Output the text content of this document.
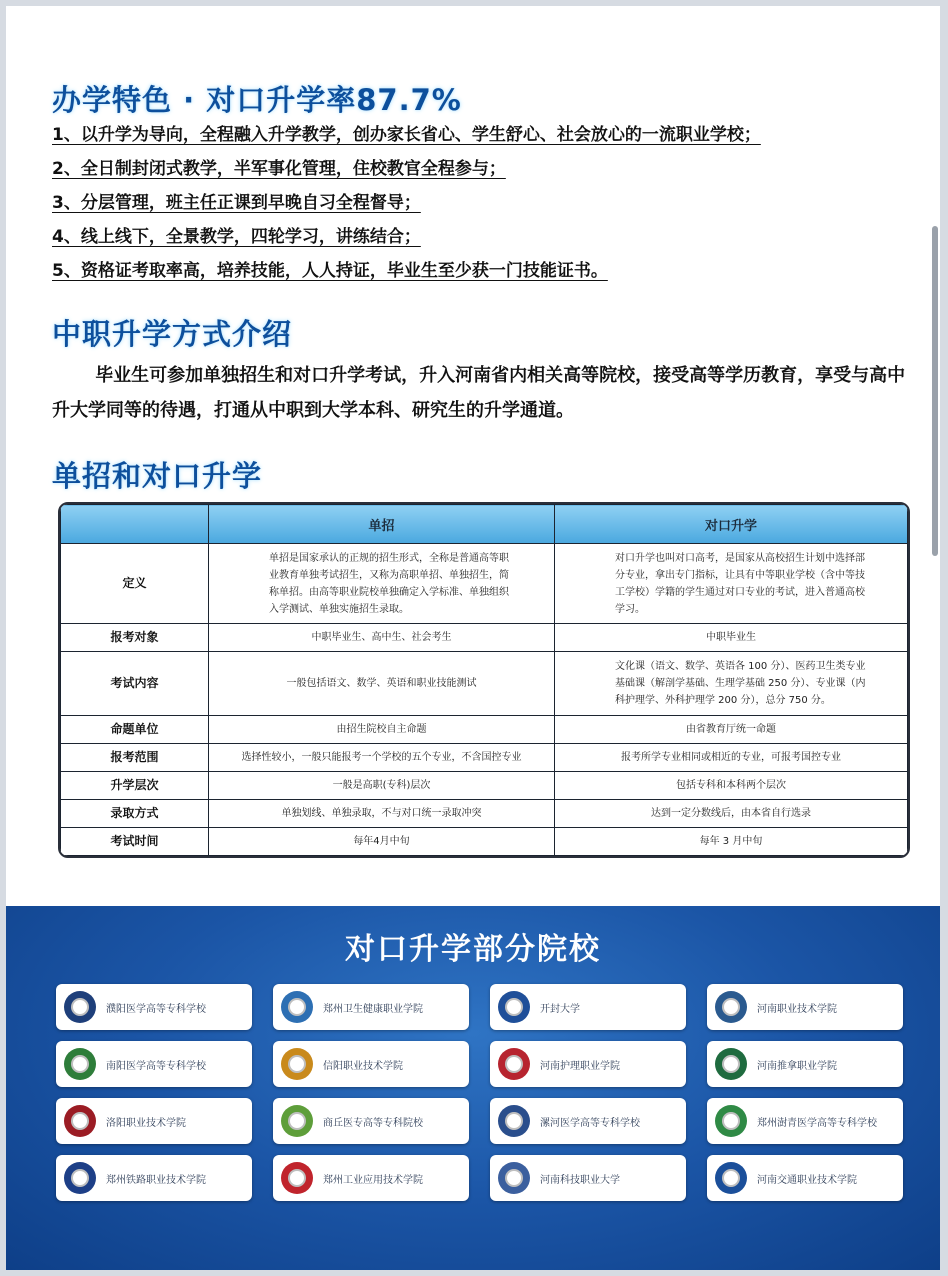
办学特色 · 对口升学率87.7%
1、以升学为导向，全程融入升学教学，创办家长省心、学生舒心、社会放心的一流职业学校；
2、全日制封闭式教学，半军事化管理，住校教官全程参与；
3、分层管理，班主任正课到早晚自习全程督导；
4、线上线下，全景教学，四轮学习，讲练结合；
5、资格证考取率高，培养技能，人人持证，毕业生至少获一门技能证书。
中职升学方式介绍

毕业生可参加单独招生和对口升学考试，升入河南省内相关高等院校，接受高等学历教育，享受与高中升大学同等的待遇，打通从中职到大学本科、研究生的升学通道。

单招和对口升学
	单招	对口升学
定义	单招是国家承认的正规的招生形式，全称是普通高等职业教育单独考试招生，又称为高职单招、单独招生，简称单招。由高等职业院校单独确定入学标准、单独组织入学测试、单独实施招生录取。	对口升学也叫对口高考，是国家从高校招生计划中选择部分专业，拿出专门指标，让具有中等职业学校（含中等技工学校）学籍的学生通过对口专业的考试，进入普通高校学习。
报考对象	中职毕业生、高中生、社会考生	中职毕业生
考试内容	一般包括语文、数学、英语和职业技能测试	文化课（语文、数学、英语各 100 分）、医药卫生类专业基础课（解剖学基础、生理学基础 250 分）、专业课（内科护理学、外科护理学 200 分），总分 750 分。
命题单位	由招生院校自主命题	由省教育厅统一命题
报考范围	选择性较小，一般只能报考一个学校的五个专业，不含国控专业	报考所学专业相同或相近的专业，可报考国控专业
升学层次	一般是高职(专科)层次	包括专科和本科两个层次
录取方式	单独划线、单独录取，不与对口统一录取冲突	达到一定分数线后，由本省自行选录
考试时间	每年4月中旬	每年 3 月中旬
对口升学部分院校
濮阳医学高等专科学校	郑州卫生健康职业学院	开封大学	河南职业技术学院
南阳医学高等专科学校	信阳职业技术学院	河南护理职业学院	河南推拿职业学院
洛阳职业技术学院	商丘医专高等专科院校	漯河医学高等专科学校	郑州澍青医学高等专科学校
郑州铁路职业技术学院	郑州工业应用技术学院	河南科技职业大学	河南交通职业技术学院
